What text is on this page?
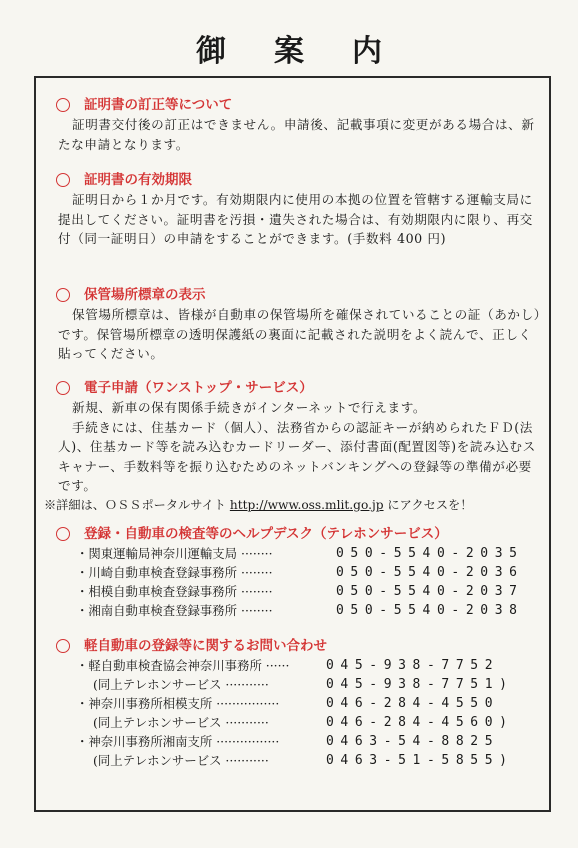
御案内
証明書の訂正等について

証明書交付後の訂正はできません。申請後、記載事項に変更がある場合は、新たな申請となります。

証明書の有効期限

証明日から１か月です。有効期限内に使用の本拠の位置を管轄する運輸支局に提出してください。証明書を汚損・遺失された場合は、有効期限内に限り、再交付（同一証明日）の申請をすることができます。(手数料 400 円)

保管場所標章の表示

保管場所標章は、皆様が自動車の保管場所を確保されていることの証（あかし）です。保管場所標章の透明保護紙の裏面に記載された説明をよく読んで、正しく貼ってください。

電子申請（ワンストップ・サービス）

新規、新車の保有関係手続きがインターネットで行えます。

手続きには、住基カード（個人）、法務省からの認証キーが納められたＦＤ(法人)、住基カード等を読み込むカードリーダー、添付書面(配置図等)を読み込むスキャナー、手数料等を振り込むためのネットバンキングへの登録等の準備が必要です。

※詳細は、ＯＳＳポータルサイト http://www.oss.mlit.go.jp にアクセスを！

登録・自動車の検査等のヘルプデスク（テレホンサービス）
・関東運輸局神奈川運輸支局 ········	050-5540-2035
・川崎自動車検査登録事務所 ········	050-5540-2036
・相模自動車検査登録事務所 ········	050-5540-2037
・湘南自動車検査登録事務所 ········	050-5540-2038
軽自動車の登録等に関するお問い合わせ
・軽自動車検査協会神奈川事務所 ······	045-938-7752
(同上テレホンサービス ···········	045-938-7751)
・神奈川事務所相模支所 ················	046-284-4550
(同上テレホンサービス ···········	046-284-4560)
・神奈川事務所湘南支所 ················	0463-54-8825
(同上テレホンサービス ···········	0463-51-5855)
